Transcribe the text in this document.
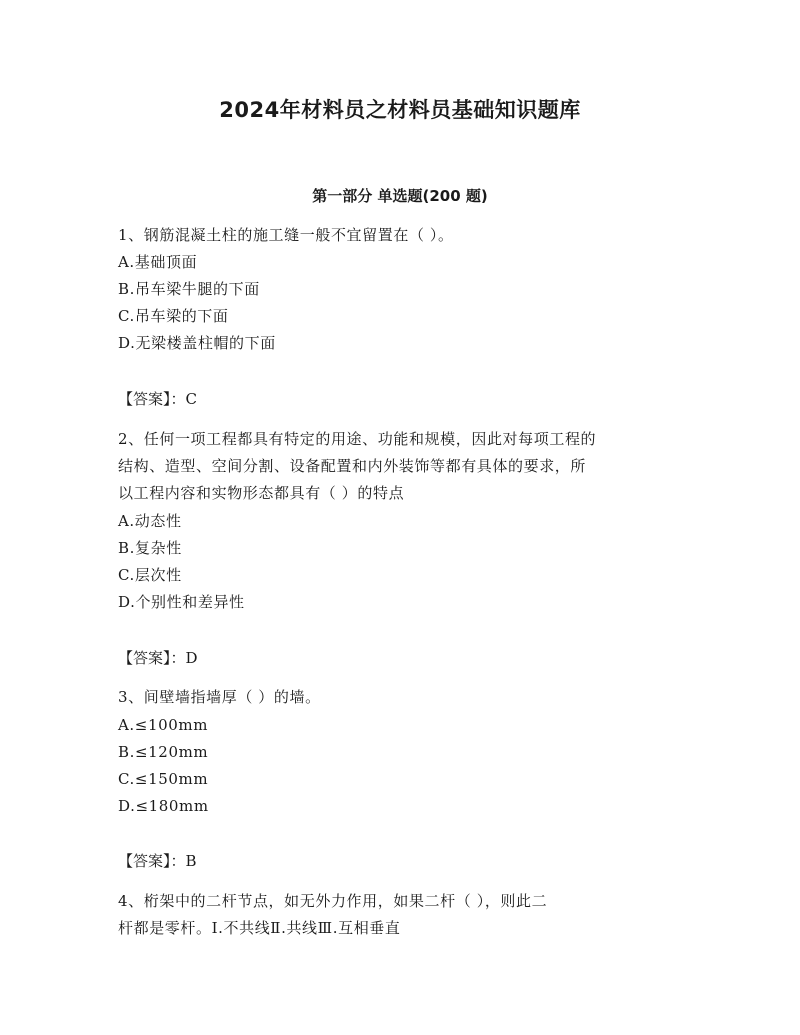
2024年材料员之材料员基础知识题库
第一部分 单选题(200 题)
1、钢筋混凝土柱的施工缝一般不宜留置在（ ）。
A.基础顶面
B.吊车梁牛腿的下面
C.吊车梁的下面
D.无梁楼盖柱帽的下面
【答案】：C
2、任何一项工程都具有特定的用途、功能和规模，因此对每项工程的
结构、造型、空间分割、设备配置和内外装饰等都有具体的要求，所
以工程内容和实物形态都具有（ ）的特点
A.动态性
B.复杂性
C.层次性
D.个别性和差异性
【答案】：D
3、间壁墙指墙厚（ ）的墙。
A.≤100mm
B.≤120mm
C.≤150mm
D.≤180mm
【答案】：B
4、桁架中的二杆节点，如无外力作用，如果二杆（ ），则此二
杆都是零杆。I.不共线Ⅱ.共线Ⅲ.互相垂直
